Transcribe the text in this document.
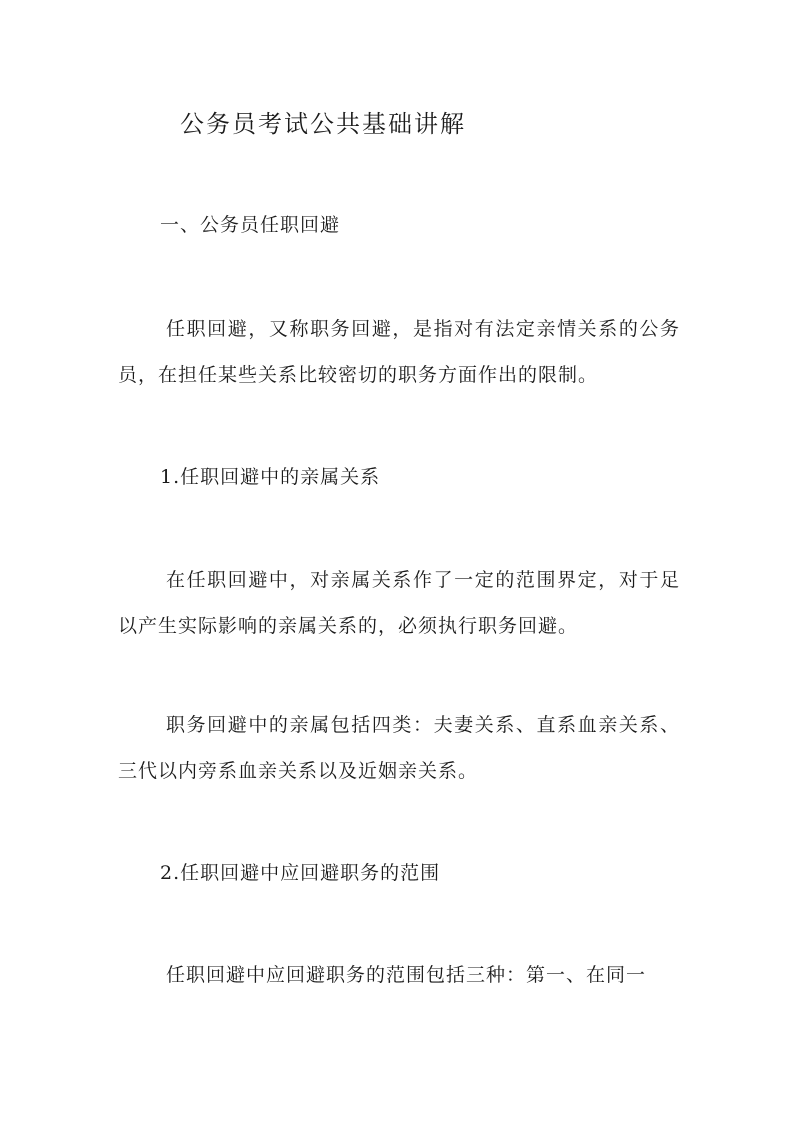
公务员考试公共基础讲解
一、公务员任职回避
任职回避，又称职务回避，是指对有法定亲情关系的公务员，在担任某些关系比较密切的职务方面作出的限制。
1.任职回避中的亲属关系
在任职回避中，对亲属关系作了一定的范围界定，对于足以产生实际影响的亲属关系的，必须执行职务回避。
职务回避中的亲属包括四类：夫妻关系、直系血亲关系、三代以内旁系血亲关系以及近姻亲关系。
2.任职回避中应回避职务的范围
任职回避中应回避职务的范围包括三种：第一、在同一
